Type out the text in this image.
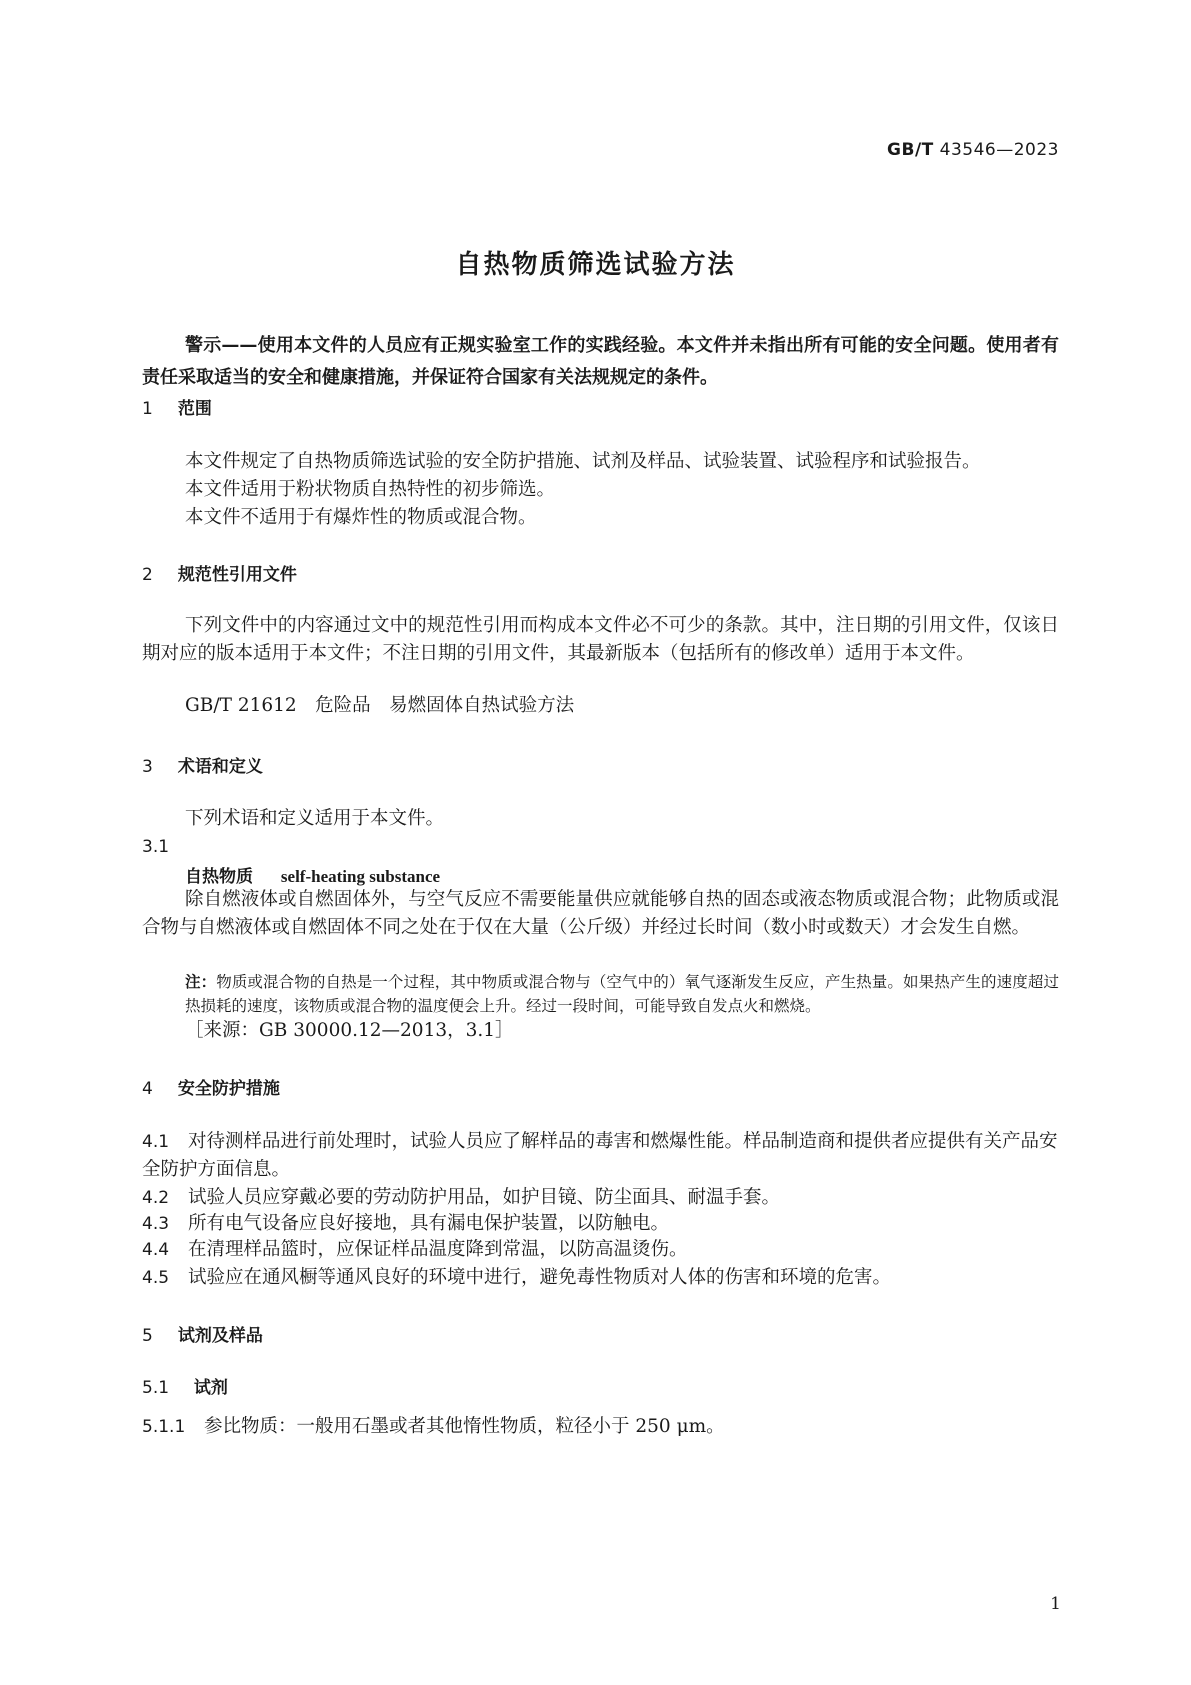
GB/T 43546—2023
自热物质筛选试验方法
警示——使用本文件的人员应有正规实验室工作的实践经验。本文件并未指出所有可能的安全问题。使用者有责任采取适当的安全和健康措施，并保证符合国家有关法规规定的条件。
1 范围
本文件规定了自热物质筛选试验的安全防护措施、试剂及样品、试验装置、试验程序和试验报告。
本文件适用于粉状物质自热特性的初步筛选。
本文件不适用于有爆炸性的物质或混合物。
2 规范性引用文件
下列文件中的内容通过文中的规范性引用而构成本文件必不可少的条款。其中，注日期的引用文件，仅该日期对应的版本适用于本文件；不注日期的引用文件，其最新版本（包括所有的修改单）适用于本文件。
GB/T 21612　危险品　易燃固体自热试验方法
3 术语和定义
下列术语和定义适用于本文件。
3.1
自热物质 self-heating substance
除自燃液体或自燃固体外，与空气反应不需要能量供应就能够自热的固态或液态物质或混合物；此物质或混合物与自燃液体或自燃固体不同之处在于仅在大量（公斤级）并经过长时间（数小时或数天）才会发生自燃。
注：物质或混合物的自热是一个过程，其中物质或混合物与（空气中的）氧气逐渐发生反应，产生热量。如果热产生的速度超过热损耗的速度，该物质或混合物的温度便会上升。经过一段时间，可能导致自发点火和燃烧。
［来源：GB 30000.12—2013，3.1］
4 安全防护措施
4.1 对待测样品进行前处理时，试验人员应了解样品的毒害和燃爆性能。样品制造商和提供者应提供有关产品安全防护方面信息。
4.2 试验人员应穿戴必要的劳动防护用品，如护目镜、防尘面具、耐温手套。
4.3 所有电气设备应良好接地，具有漏电保护装置，以防触电。
4.4 在清理样品篮时，应保证样品温度降到常温，以防高温烫伤。
4.5 试验应在通风橱等通风良好的环境中进行，避免毒性物质对人体的伤害和环境的危害。
5 试剂及样品
5.1 试剂
5.1.1 参比物质：一般用石墨或者其他惰性物质，粒径小于 250 μm。
1
